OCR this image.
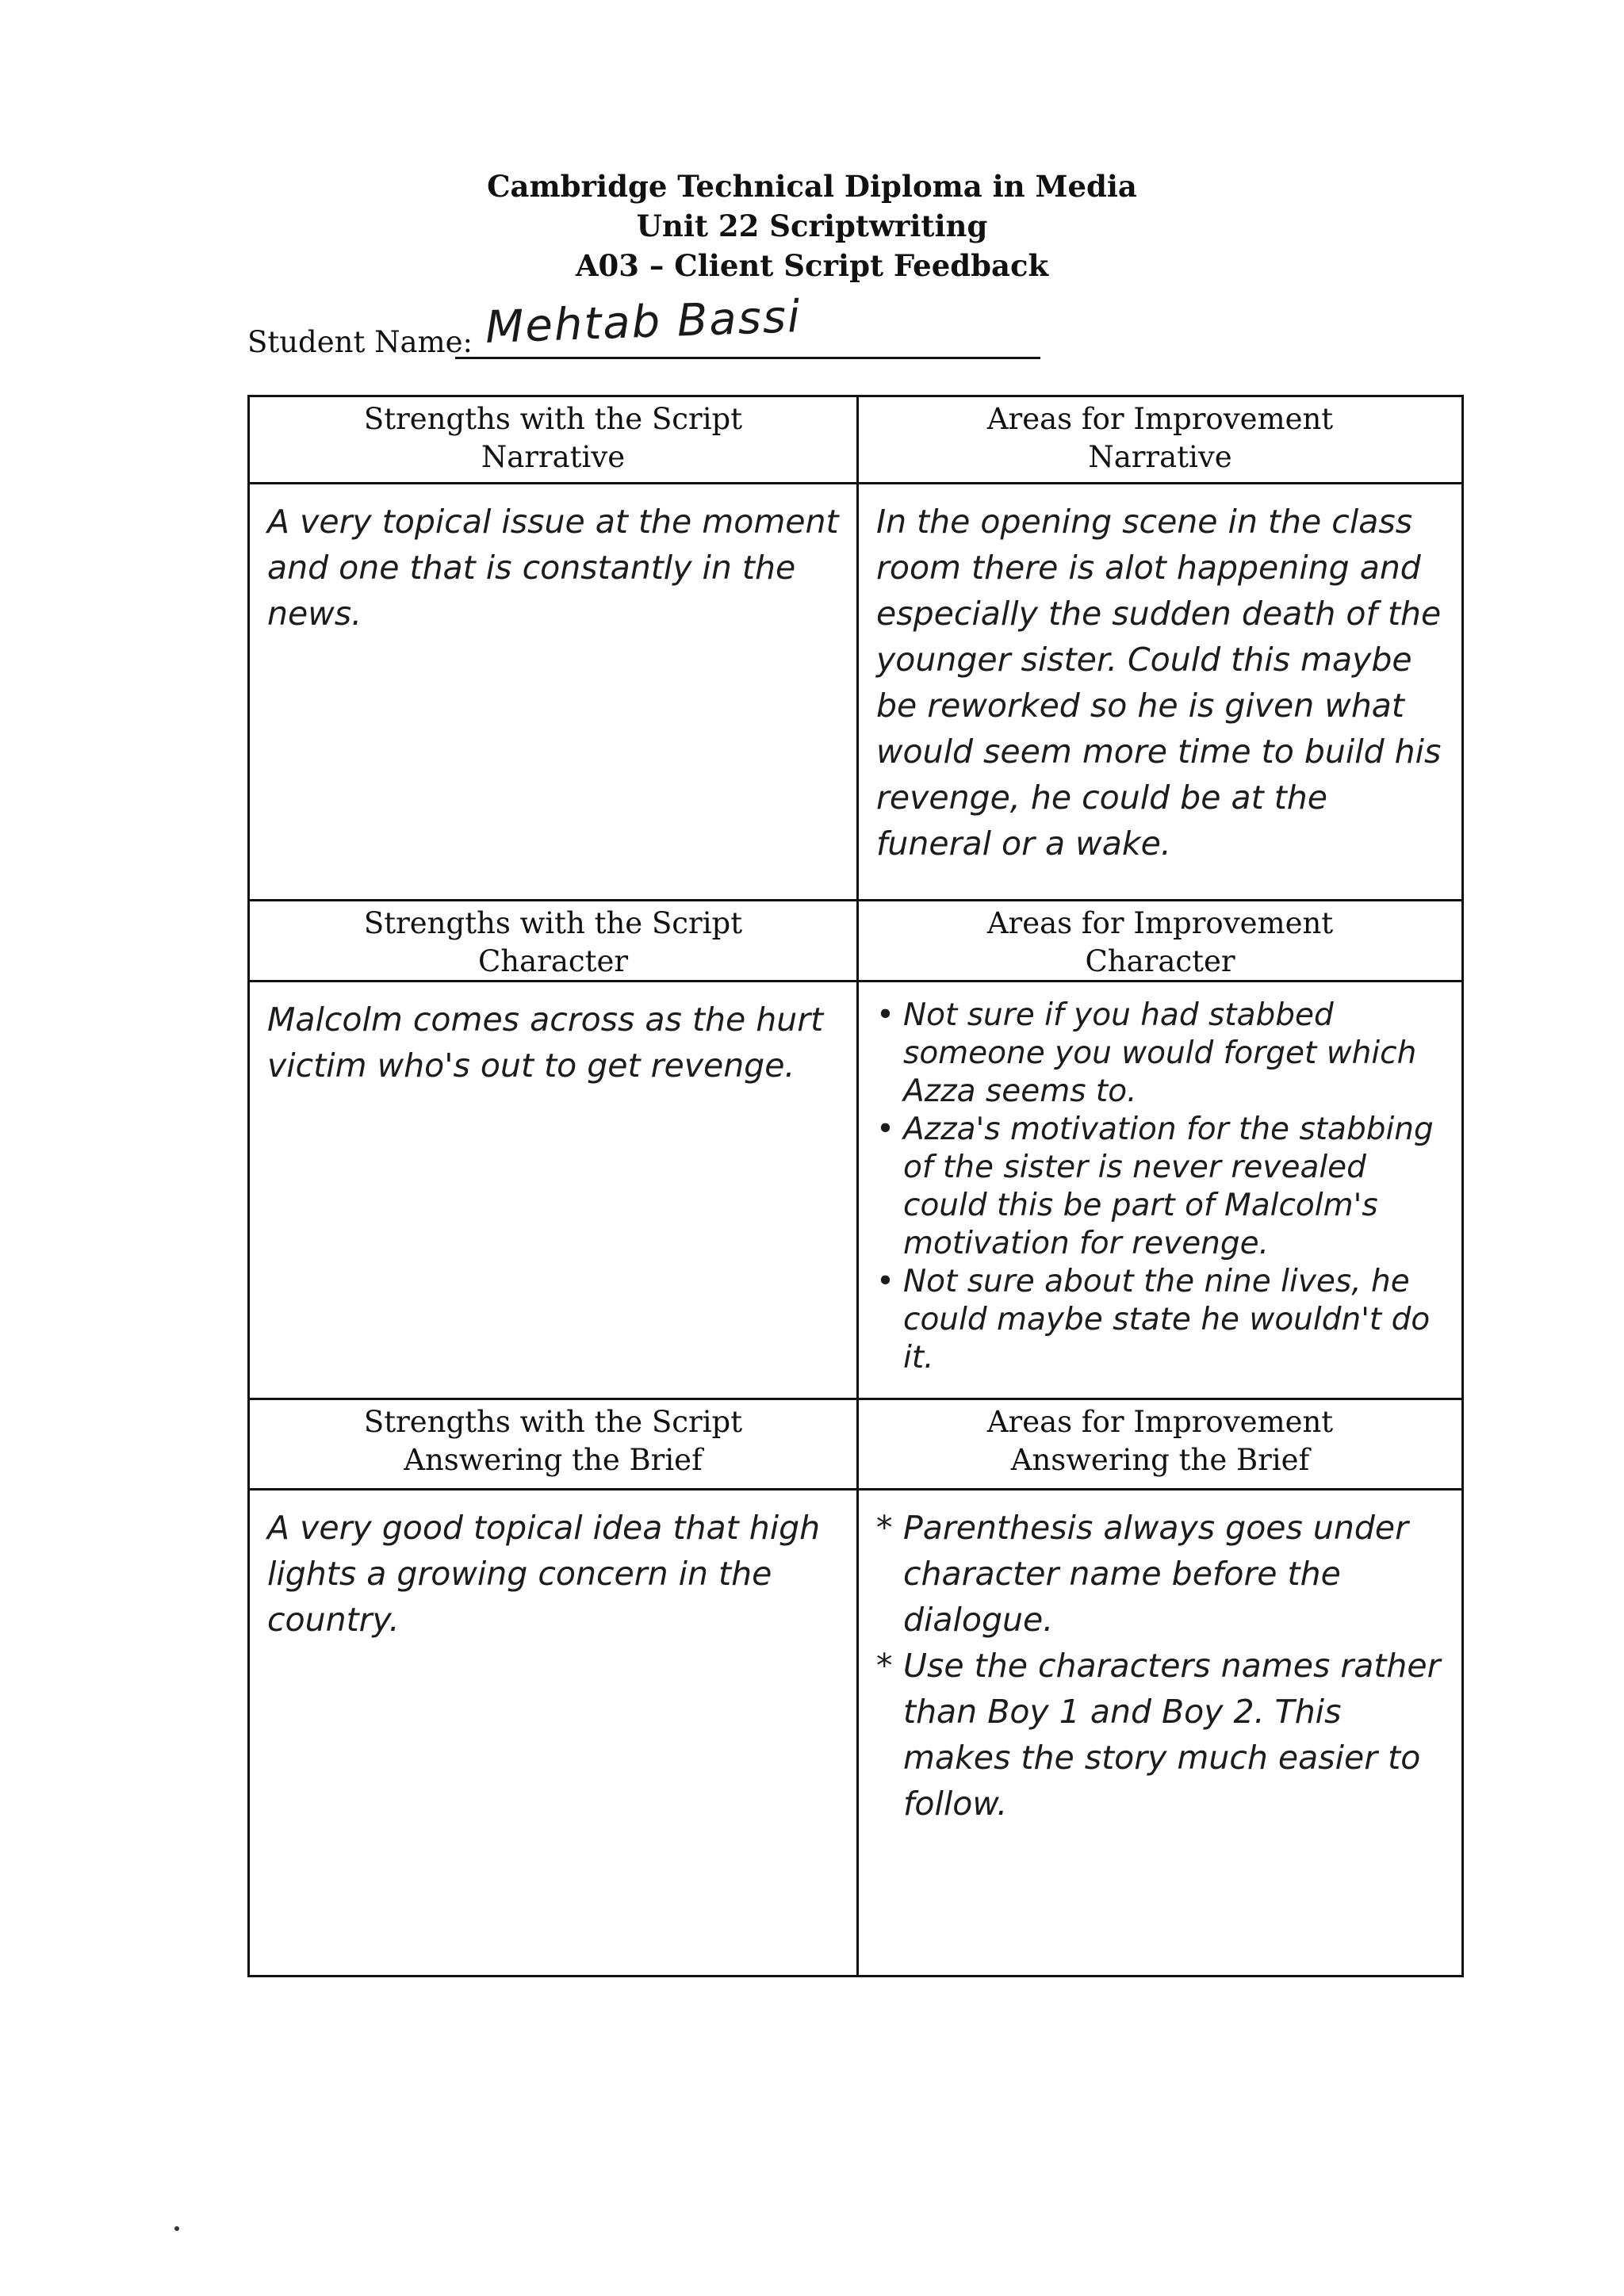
Cambridge Technical Diploma in Media
Unit 22 Scriptwriting
A03 – Client Script Feedback
Student Name: Mehtab Bassi
Strengths with the Script
Narrative
Areas for Improvement
Narrative

A very topical issue at the moment and one that is constantly in the news.

In the opening scene in the class room there is alot happening and especially the sudden death of the younger sister. Could this maybe be reworked so he is given what would seem more time to build his revenge, he could be at the funeral or a wake.

Strengths with the Script
Character
Areas for Improvement
Character

Malcolm comes across as the hurt victim who's out to get revenge.

• Not sure if you had stabbed someone you would forget which Azza seems to.
• Azza's motivation for the stabbing of the sister is never revealed could this be part of Malcolm's motivation for revenge.
• Not sure about the nine lives, he could maybe state he wouldn't do it.
Strengths with the Script
Answering the Brief
Areas for Improvement
Answering the Brief

A very good topical idea that high lights a growing concern in the country.

* Parenthesis always goes under character name before the dialogue.
* Use the characters names rather than Boy 1 and Boy 2. This makes the story much easier to follow.
